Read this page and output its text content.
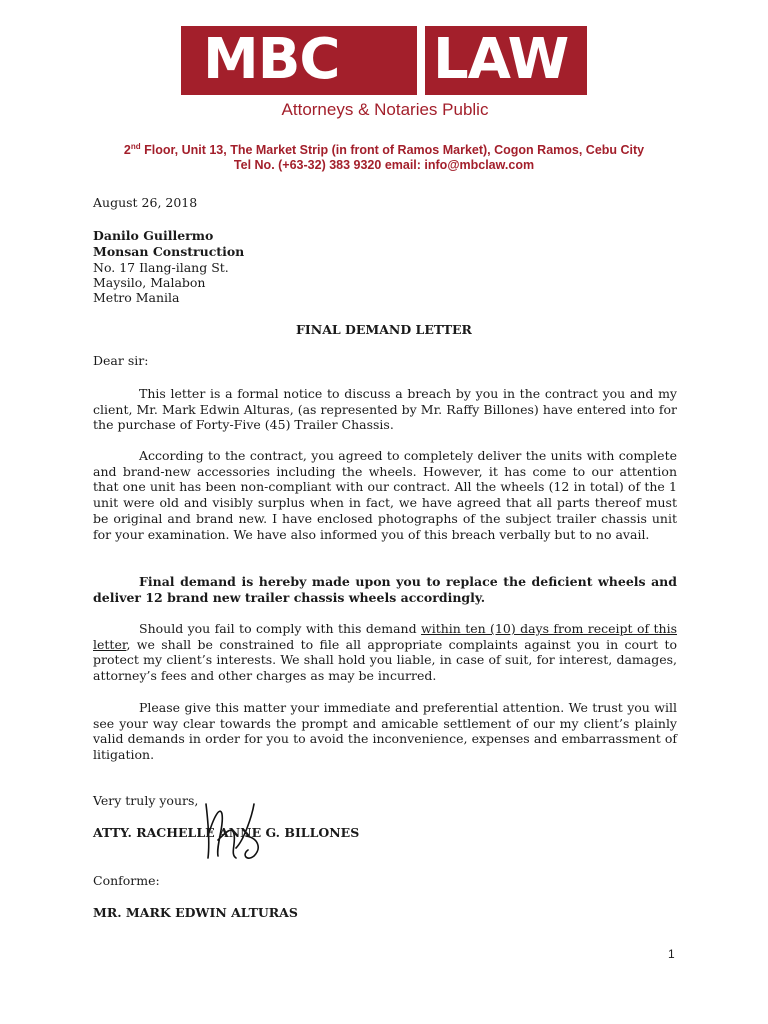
MBC LAW
Attorneys & Notaries Public
2nd Floor, Unit 13, The Market Strip (in front of Ramos Market), Cogon Ramos, Cebu City
Tel No. (+63-32) 383 9320 email: info@mbclaw.com
August 26, 2018
Danilo Guillermo
Monsan Construction
No. 17 Ilang-ilang St.
Maysilo, Malabon
Metro Manila
FINAL DEMAND LETTER
Dear sir:
This letter is a formal notice to discuss a breach by you in the contract you and my client, Mr. Mark Edwin Alturas, (as represented by Mr. Raffy Billones) have entered into for the purchase of Forty-Five (45) Trailer Chassis.
According to the contract, you agreed to completely deliver the units with complete and brand-new accessories including the wheels. However, it has come to our attention that one unit has been non-compliant with our contract. All the wheels (12 in total) of the 1 unit were old and visibly surplus when in fact, we have agreed that all parts thereof must be original and brand new. I have enclosed photographs of the subject trailer chassis unit for your examination. We have also informed you of this breach verbally but to no avail.
Final demand is hereby made upon you to replace the deficient wheels and deliver 12 brand new trailer chassis wheels accordingly.
Should you fail to comply with this demand within ten (10) days from receipt of this letter, we shall be constrained to file all appropriate complaints against you in court to protect my client’s interests. We shall hold you liable, in case of suit, for interest, damages, attorney’s fees and other charges as may be incurred.
Please give this matter your immediate and preferential attention. We trust you will see your way clear towards the prompt and amicable settlement of our my client’s plainly valid demands in order for you to avoid the inconvenience, expenses and embarrassment of litigation.
Very truly yours,
ATTY. RACHELLE ANNE G. BILLONES
Conforme:
MR. MARK EDWIN ALTURAS
1
